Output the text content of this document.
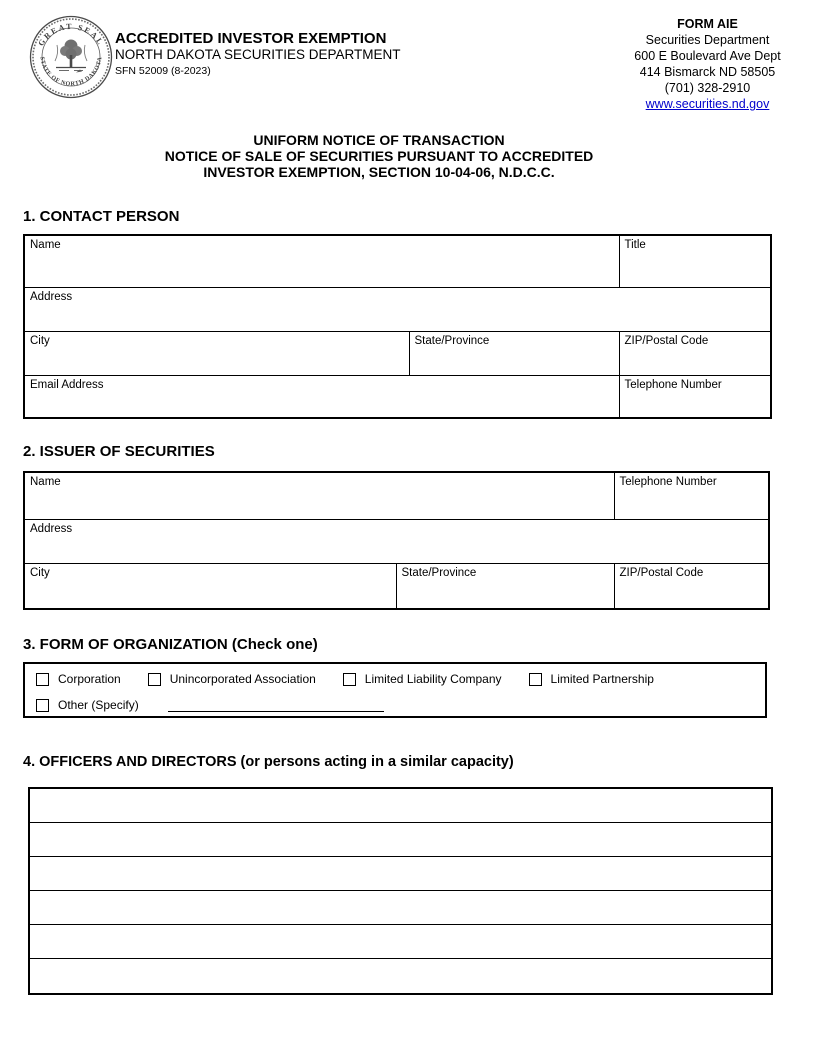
GREAT SEAL
STATE OF NORTH DAKOTA
ACCREDITED INVESTOR EXEMPTION
NORTH DAKOTA SECURITIES DEPARTMENT
SFN 52009 (8-2023)
FORM AIE
Securities Department
600 E Boulevard Ave Dept
414 Bismarck ND 58505
(701) 328-2910
www.securities.nd.gov
UNIFORM NOTICE OF TRANSACTION
NOTICE OF SALE OF SECURITIES PURSUANT TO ACCREDITED
INVESTOR EXEMPTION, SECTION 10-04-06, N.D.C.C.
1. CONTACT PERSON
Name		Title
Address		
City	State/Province	ZIP/Postal Code
Email Address		Telephone Number
2. ISSUER OF SECURITIES
Name		Telephone Number
Address		
City	State/Province	ZIP/Postal Code
3. FORM OF ORGANIZATION (Check one)
Corporation	Unincorporated Association	Limited Liability Company	Limited Partnership
Other (Specify)
4. OFFICERS AND DIRECTORS (or persons acting in a similar capacity)
